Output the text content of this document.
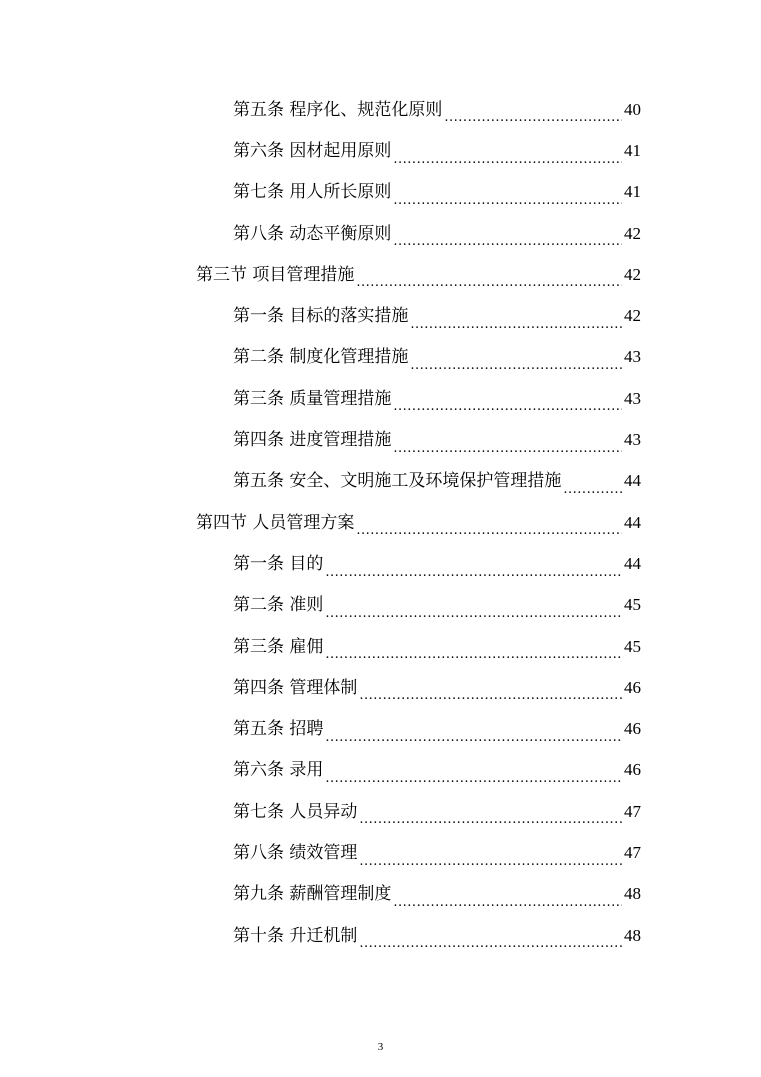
第五条 程序化、规范化原则 .....	40
第六条 因材起用原则 .....	41
第七条 用人所长原则 .....	41
第八条 动态平衡原则 .....	42
第三节 项目管理措施 .....	42
第一条 目标的落实措施 .....	42
第二条 制度化管理措施 .....	43
第三条 质量管理措施 .....	43
第四条 进度管理措施 .....	43
第五条 安全、文明施工及环境保护管理措施 .....	44
第四节 人员管理方案 .....	44
第一条 目的 .....	44
第二条 准则 .....	45
第三条 雇佣 .....	45
第四条 管理体制 .....	46
第五条 招聘 .....	46
第六条 录用 .....	46
第七条 人员异动 .....	47
第八条 绩效管理 .....	47
第九条 薪酬管理制度 .....	48
第十条 升迁机制 .....	48
3
